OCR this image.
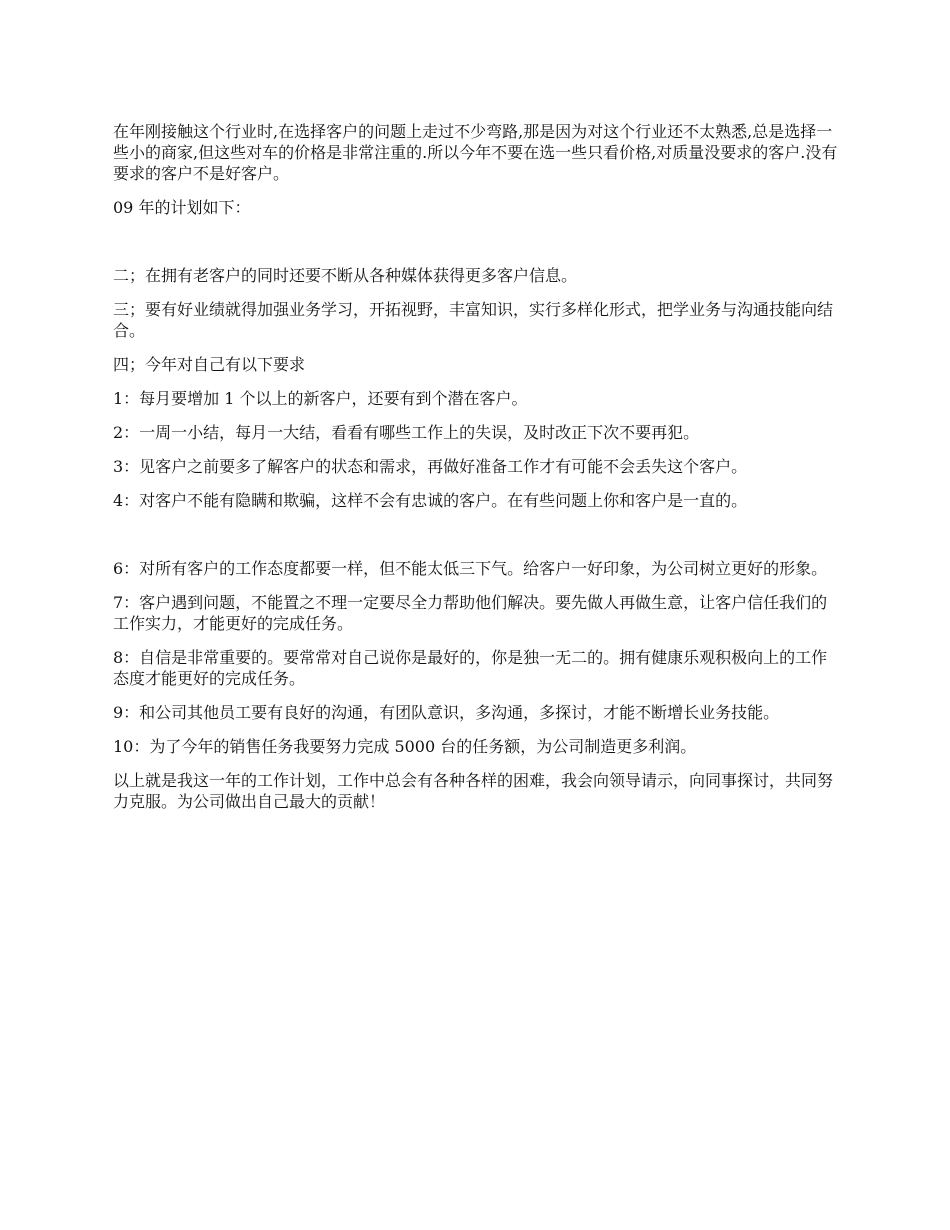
在年刚接触这个行业时,在选择客户的问题上走过不少弯路,那是因为对这个行业还不太熟悉,总是选择一些小的商家,但这些对车的价格是非常注重的.所以今年不要在选一些只看价格,对质量没要求的客户.没有要求的客户不是好客户。

09 年的计划如下：

二；在拥有老客户的同时还要不断从各种媒体获得更多客户信息。

三；要有好业绩就得加强业务学习，开拓视野，丰富知识，实行多样化形式，把学业务与沟通技能向结合。

四；今年对自己有以下要求

1：每月要增加 1 个以上的新客户，还要有到个潜在客户。

2：一周一小结，每月一大结，看看有哪些工作上的失误，及时改正下次不要再犯。

3：见客户之前要多了解客户的状态和需求，再做好准备工作才有可能不会丢失这个客户。

4：对客户不能有隐瞒和欺骗，这样不会有忠诚的客户。在有些问题上你和客户是一直的。

6：对所有客户的工作态度都要一样，但不能太低三下气。给客户一好印象，为公司树立更好的形象。

7：客户遇到问题，不能置之不理一定要尽全力帮助他们解决。要先做人再做生意，让客户信任我们的工作实力，才能更好的完成任务。

8：自信是非常重要的。要常常对自己说你是最好的，你是独一无二的。拥有健康乐观积极向上的工作态度才能更好的完成任务。

9：和公司其他员工要有良好的沟通，有团队意识，多沟通，多探讨，才能不断增长业务技能。

10：为了今年的销售任务我要努力完成 5000 台的任务额，为公司制造更多利润。

以上就是我这一年的工作计划，工作中总会有各种各样的困难，我会向领导请示，向同事探讨，共同努力克服。为公司做出自己最大的贡献！
